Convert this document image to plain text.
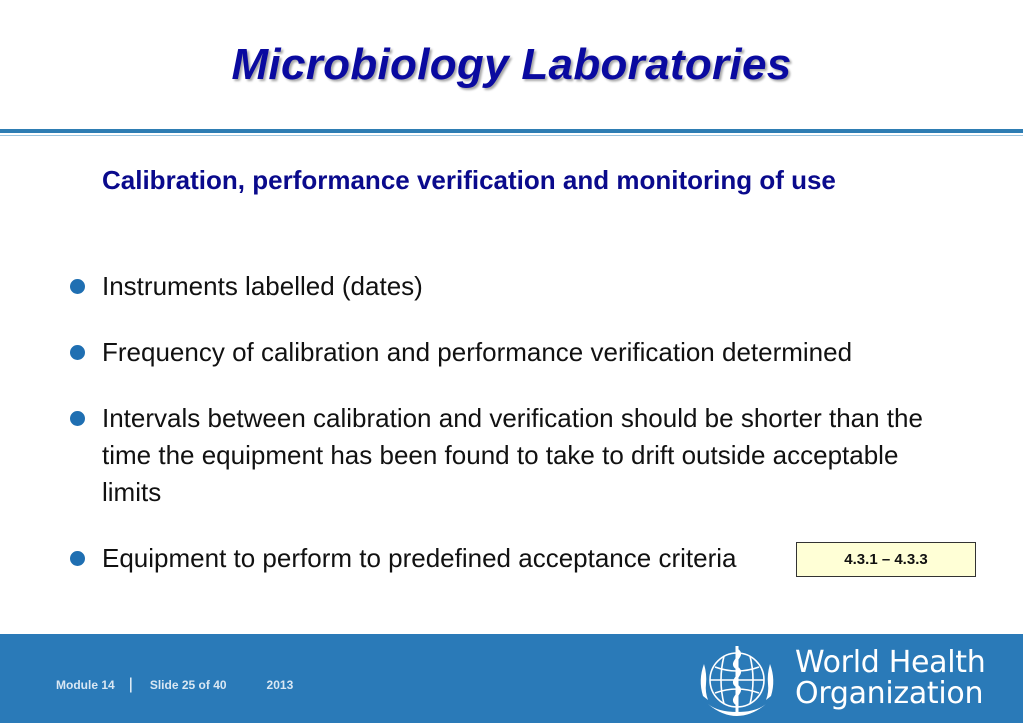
Microbiology Laboratories
Calibration, performance verification and monitoring of use
Instruments labelled (dates)
Frequency of calibration and performance verification determined
Intervals between calibration and verification should be shorter than the time the equipment has been found to take to drift outside acceptable limits
Equipment to perform to predefined acceptance criteria	4.3.1 – 4.3.3
Module 14 | Slide 25 of 40	2013
World Health
Organization
